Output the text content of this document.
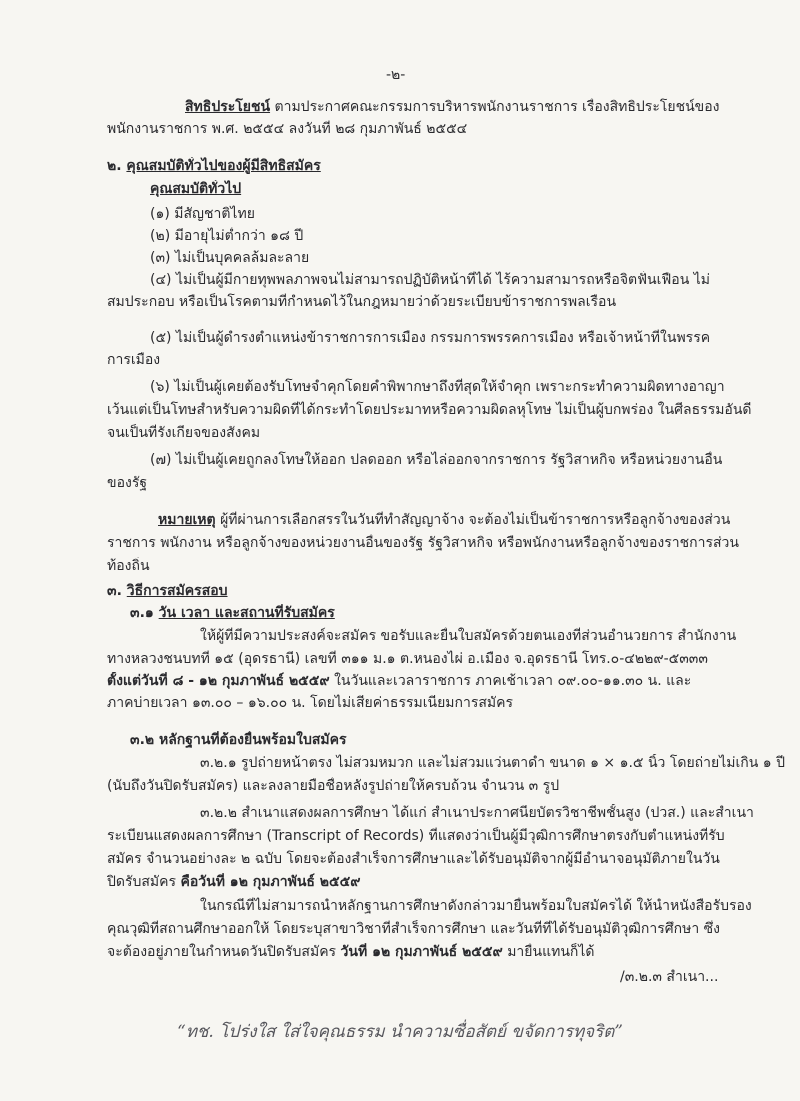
-๒-
สิทธิประโยชน์ ตามประกาศคณะกรรมการบริหารพนักงานราชการ เรื่องสิทธิประโยชน์ของ
พนักงานราชการ พ.ศ. ๒๕๕๔ ลงวันที่ ๒๘ กุมภาพันธ์ ๒๕๕๔
๒. คุณสมบัติทั่วไปของผู้มีสิทธิสมัคร
คุณสมบัติทั่วไป
(๑) มีสัญชาติไทย
(๒) มีอายุไม่ต่ำกว่า ๑๘ ปี
(๓) ไม่เป็นบุคคลล้มละลาย
(๔) ไม่เป็นผู้มีกายทุพพลภาพจนไม่สามารถปฏิบัติหน้าที่ได้ ไร้ความสามารถหรือจิตฟั่นเฟือน ไม่
สมประกอบ หรือเป็นโรคตามที่กำหนดไว้ในกฎหมายว่าด้วยระเบียบข้าราชการพลเรือน
(๕) ไม่เป็นผู้ดำรงตำแหน่งข้าราชการการเมือง กรรมการพรรคการเมือง หรือเจ้าหน้าที่ในพรรค
การเมือง
(๖) ไม่เป็นผู้เคยต้องรับโทษจำคุกโดยคำพิพากษาถึงที่สุดให้จำคุก เพราะกระทำความผิดทางอาญา
เว้นแต่เป็นโทษสำหรับความผิดที่ได้กระทำโดยประมาทหรือความผิดลหุโทษ ไม่เป็นผู้บกพร่อง ในศีลธรรมอันดี
จนเป็นที่รังเกียจของสังคม
(๗) ไม่เป็นผู้เคยถูกลงโทษให้ออก ปลดออก หรือไล่ออกจากราชการ รัฐวิสาหกิจ หรือหน่วยงานอื่น
ของรัฐ
หมายเหตุ ผู้ที่ผ่านการเลือกสรรในวันที่ทำสัญญาจ้าง จะต้องไม่เป็นข้าราชการหรือลูกจ้างของส่วน
ราชการ พนักงาน หรือลูกจ้างของหน่วยงานอื่นของรัฐ รัฐวิสาหกิจ หรือพนักงานหรือลูกจ้างของราชการส่วน
ท้องถิ่น
๓. วิธีการสมัครสอบ
๓.๑ วัน เวลา และสถานที่รับสมัคร
ให้ผู้ที่มีความประสงค์จะสมัคร ขอรับและยื่นใบสมัครด้วยตนเองที่ส่วนอำนวยการ สำนักงาน
ทางหลวงชนบทที่ ๑๕ (อุดรธานี) เลขที่ ๓๑๑ ม.๑ ต.หนองไผ่ อ.เมือง จ.อุดรธานี โทร.๐-๔๒๒๙-๕๓๓๓
ตั้งแต่วันที่ ๘ - ๑๒ กุมภาพันธ์ ๒๕๕๙ ในวันและเวลาราชการ ภาคเช้าเวลา ๐๙.๐๐-๑๑.๓๐ น. และ
ภาคบ่ายเวลา ๑๓.๐๐ – ๑๖.๐๐ น. โดยไม่เสียค่าธรรมเนียมการสมัคร
๓.๒ หลักฐานที่ต้องยื่นพร้อมใบสมัคร
๓.๒.๑ รูปถ่ายหน้าตรง ไม่สวมหมวก และไม่สวมแว่นตาดำ ขนาด ๑ × ๑.๕ นิ้ว โดยถ่ายไม่เกิน ๑ ปี
(นับถึงวันปิดรับสมัคร) และลงลายมือชื่อหลังรูปถ่ายให้ครบถ้วน จำนวน ๓ รูป
๓.๒.๒ สำเนาแสดงผลการศึกษา ได้แก่ สำเนาประกาศนียบัตรวิชาชีพชั้นสูง (ปวส.) และสำเนา
ระเบียนแสดงผลการศึกษา (Transcript of Records) ที่แสดงว่าเป็นผู้มีวุฒิการศึกษาตรงกับตำแหน่งที่รับ
สมัคร จำนวนอย่างละ ๒ ฉบับ โดยจะต้องสำเร็จการศึกษาและได้รับอนุมัติจากผู้มีอำนาจอนุมัติภายในวัน
ปิดรับสมัคร คือวันที่ ๑๒ กุมภาพันธ์ ๒๕๕๙
ในกรณีที่ไม่สามารถนำหลักฐานการศึกษาดังกล่าวมายื่นพร้อมใบสมัครได้ ให้นำหนังสือรับรอง
คุณวุฒิที่สถานศึกษาออกให้ โดยระบุสาขาวิชาที่สำเร็จการศึกษา และวันที่ที่ได้รับอนุมัติวุฒิการศึกษา ซึ่ง
จะต้องอยู่ภายในกำหนดวันปิดรับสมัคร วันที่ ๑๒ กุมภาพันธ์ ๒๕๕๙ มายื่นแทนก็ได้
/๓.๒.๓ สำเนา...
“ทช. โปร่งใส ใส่ใจคุณธรรม นำความซื่อสัตย์ ขจัดการทุจริต”
